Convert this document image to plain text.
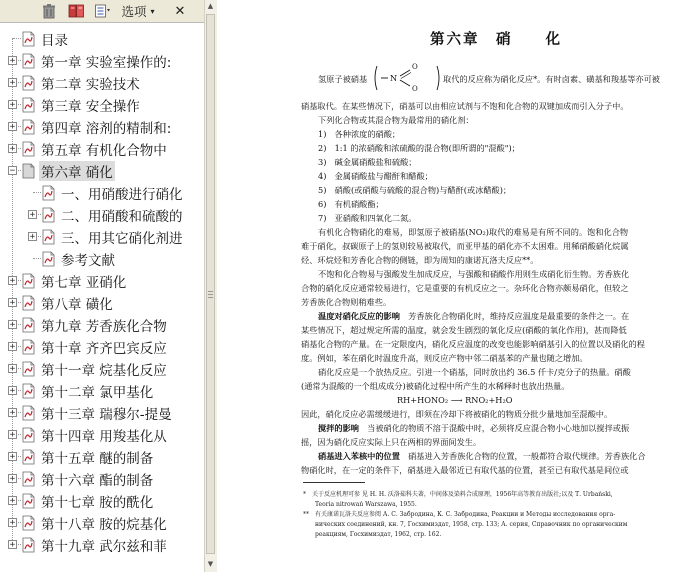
选项 ▾ ✕
目录
+ 第一章 实验室操作的:
+ 第二章 实验技术
+ 第三章 安全操作
+ 第四章 溶剂的精制和:
+ 第五章 有机化合物中
− 第六章 硝化
一、用硝酸进行硝化
+ 二、用硝酸和硫酸的
+ 三、用其它硝化剂进
参考文献
+ 第七章 亚硝化
+ 第八章 磺化
+ 第九章 芳香族化合物
+ 第十章 齐齐巴宾反应
+ 第十一章 烷基化反应
+ 第十二章 氯甲基化
+ 第十三章 瑞穆尔-提曼
+ 第十四章 用羧基化从
+ 第十五章 醚的制备
+ 第十六章 酯的制备
+ 第十七章 胺的酰化
+ 第十八章 胺的烷基化
+ 第十九章 武尔兹和菲
▲
▼
第六章　硝　　化
N
O
O
氢原子被硝基	取代的反应称为硝化反应*。有时卤素、磺基和羧基等亦可被
硝基取代。在某些情况下，硝基可以由相应试剂与不饱和化合物的双键加成而引入分子中。
下列化合物或其混合物为最常用的硝化剂：
1)　各种浓度的硝酸；
2)　1:1 的浓硝酸和浓硫酸的混合物(即所谓的"混酸")；
3)　碱金属硝酸盐和硫酸；
4)　金属硝酸盐与醋酐和醋酸；
5)　硝酸(或硝酸与硫酸的混合物)与醋酐(或冰醋酸)；
6)　有机硝酸酯；
7)　亚硝酸和四氧化二氮。
有机化合物硝化的难易，即氢原子被硝基(NO₂)取代的难易是有所不同的。饱和化合物
难于硝化，叔碳原子上的氢则较易被取代，而亚甲基的硝化亦不太困难。用稀硝酸硝化烷属
烃、环烷烃和芳香化合物的侧链，即为周知的康诺瓦洛夫反应**。
不饱和化合物易与强酸发生加成反应，与强酸和硝酸作用则生成硝化衍生物。芳香族化
合物的硝化反应通常较易进行，它是重要的有机反应之一。杂环化合物亦颇易硝化，但较之
芳香族化合物则稍难些。
温度对硝化反应的影响　芳香族化合物硝化时，维持反应温度是最重要的条件之一。在
某些情况下，超过规定所需的温度，就会发生剧烈的氧化反应(硝酸的氧化作用)，甚而降低
硝基化合物的产量。在一定限度内，硝化反应温度的改变也能影响硝基引入的位置以及硝化的程
度。例如，苯在硝化时温度升高，则反应产物中邻二硝基苯的产量也随之增加。
硝化反应是一个放热反应。引进一个硝基，同时放出约 36.5 仟卡/克分子的热量。硝酸
(通常为混酸的一个组成成分)被硝化过程中所产生的水稀释时也放出热量。
RH+HONO₂ ⟶ RNO₂+H₂O
因此，硝化反应必需缓缓进行，即须在冷却下将被硝化的物质分批少量地加至混酸中。
搅拌的影响　当被硝化的物质不溶于混酸中时，必须将反应混合物小心地加以搅拌或振
摇，因为硝化反应实际上只在两相的界面间发生。
硝基进入苯核中的位置　硝基进入芳香族化合物的位置，一般都符合取代规律。芳香族化合
物硝化时，在一定的条件下，硝基进入最邻近已有取代基的位置，甚至已有取代基是间位或
*　关于反应机理可参 见 H. H. 沃洛茹科夫著，中间体及染料合成原理，1956年高等教育出版社;以及 Т. Urbański,
Teoria nitrowań Warszawa, 1955.
**　有关康诺瓦洛夫反应参阅 А. С. Забродина, К. С. Забродина, Реакции и Методы исследования орга-
нических соединений, кн. 7, Госхимиздат, 1958, стр. 133; А. серия, Справочник по органическим
реакциям, Госхимиздат, 1962, стр. 162.
